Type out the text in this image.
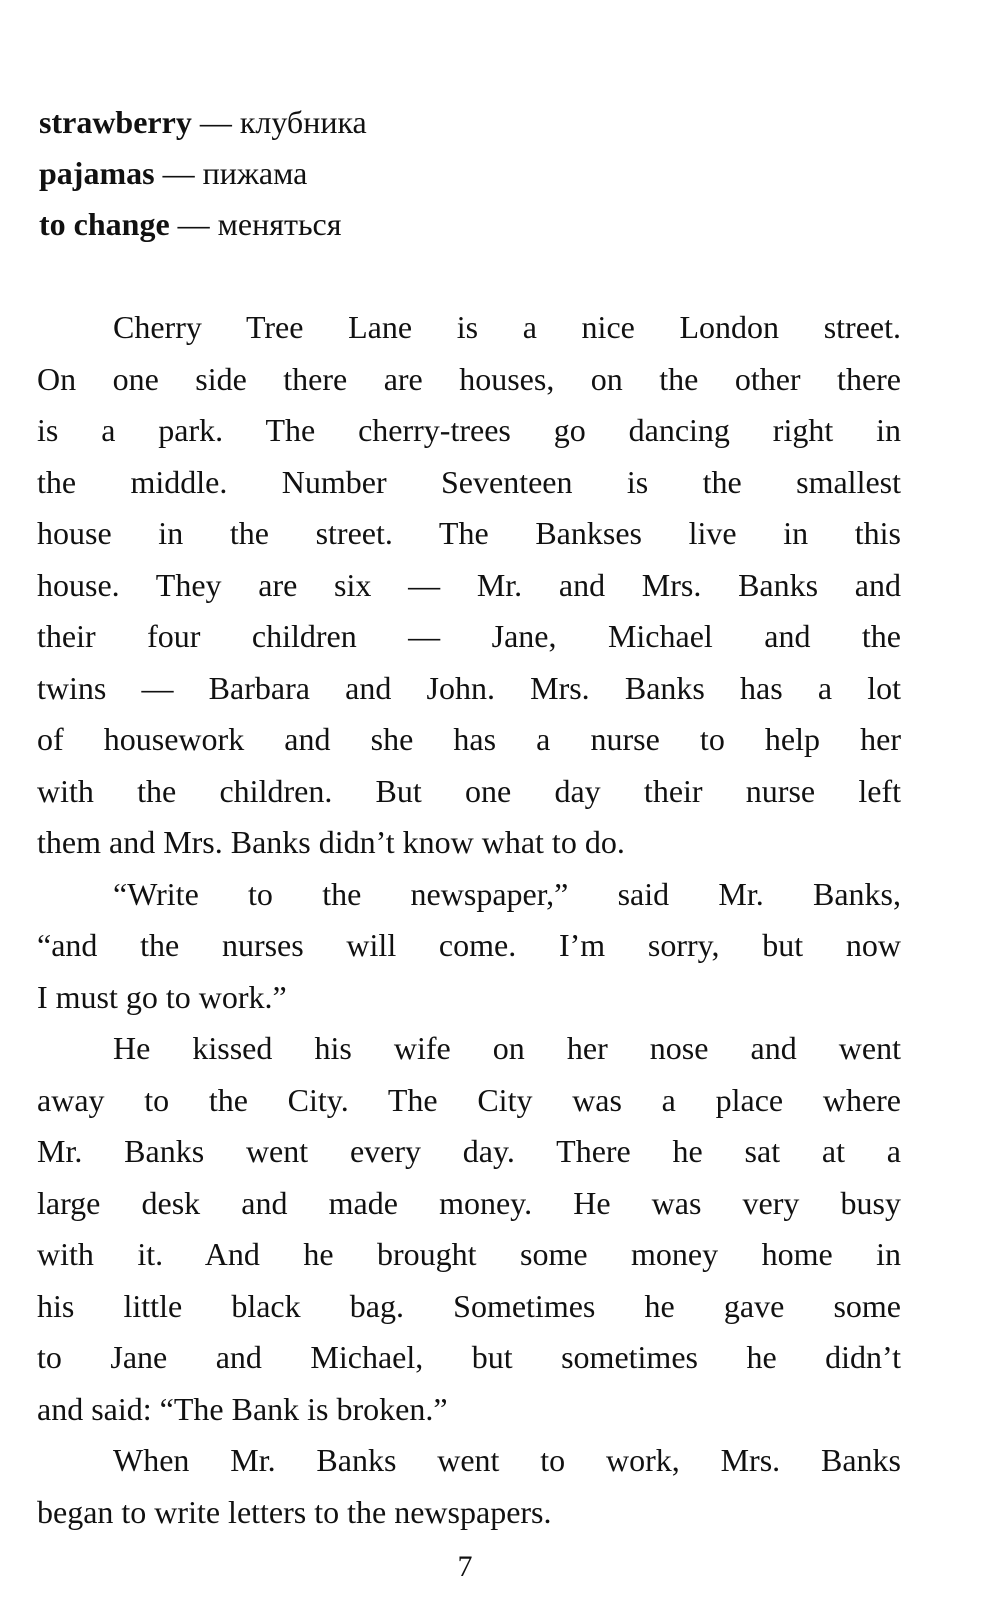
strawberry — клубника
pajamas — пижама
to change — меняться
Cherry Tree Lane is a nice London street.
On one side there are houses, on the other there
is a park. The cherry-trees go dancing right in
the middle. Number Seventeen is the smallest
house in the street. The Bankses live in this
house. They are six — Mr. and Mrs. Banks and
their four children — Jane, Michael and the
twins — Barbara and John. Mrs. Banks has a lot
of housework and she has a nurse to help her
with the children. But one day their nurse left
them and Mrs. Banks didn’t know what to do.
“Write to the newspaper,” said Mr. Banks,
“and the nurses will come. I’m sorry, but now
I must go to work.”
He kissed his wife on her nose and went
away to the City. The City was a place where
Mr. Banks went every day. There he sat at a
large desk and made money. He was very busy
with it. And he brought some money home in
his little black bag. Sometimes he gave some
to Jane and Michael, but sometimes he didn’t
and said: “The Bank is broken.”
When Mr. Banks went to work, Mrs. Banks
began to write letters to the newspapers.
7
